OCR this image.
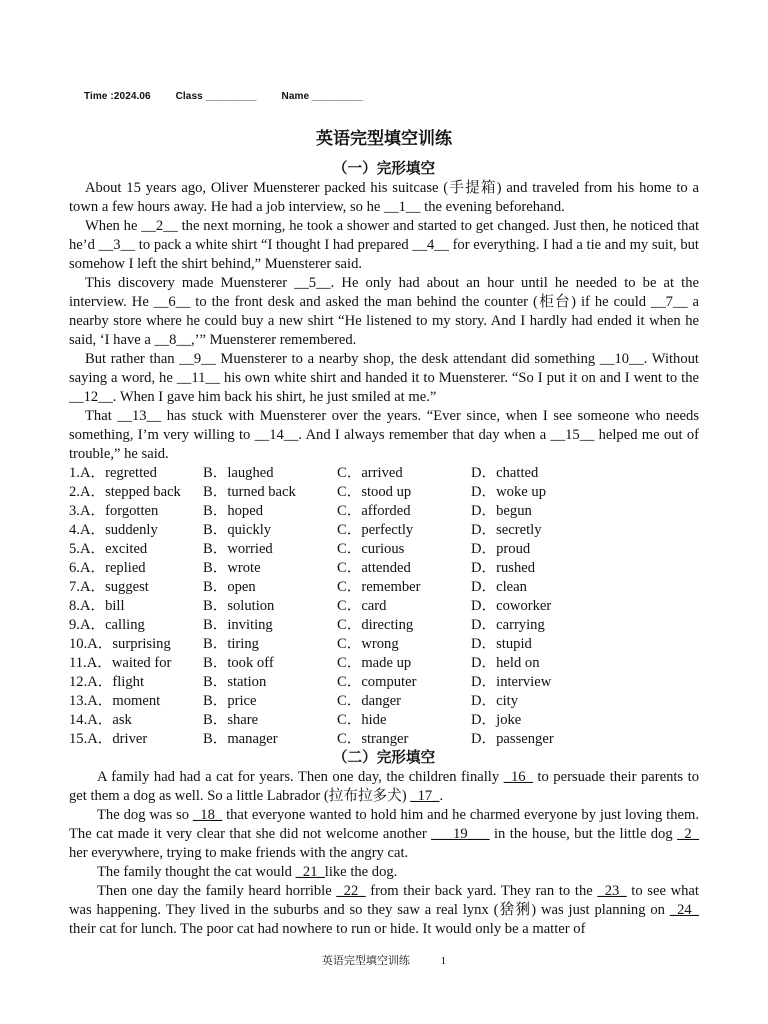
Time :2024.06 Class _________ Name _________
英语完型填空训练
（一）完形填空

About 15 years ago, Oliver Muensterer packed his suitcase (手提箱) and traveled from his home to a town a few hours away. He had a job interview, so he __1__ the evening beforehand.

When he __2__ the next morning, he took a shower and started to get changed. Just then, he noticed that he’d __3__ to pack a white shirt “I thought I had prepared __4__ for everything. I had a tie and my suit, but somehow I left the shirt behind,” Muensterer said.

This discovery made Muensterer __5__. He only had about an hour until he needed to be at the interview. He __6__ to the front desk and asked the man behind the counter (柜台) if he could __7__ a nearby store where he could buy a new shirt “He listened to my story. And I hardly had ended it when he said, ‘I have a __8__,’” Muensterer remembered.

But rather than __9__ Muensterer to a nearby shop, the desk attendant did something __10__. Without saying a word, he __11__ his own white shirt and handed it to Muensterer. “So I put it on and I went to the __12__. When I gave him back his shirt, he just smiled at me.”

That __13__ has stuck with Muensterer over the years. “Ever since, when I see someone who needs something, I’m very willing to __14__. And I always remember that day when a __15__ helped me out of trouble,” he said.

1.A．regretted	B．laughed	C．arrived	D．chatted
2.A．stepped back	B．turned back	C．stood up	D．woke up
3.A．forgotten	B．hoped	C．afforded	D．begun
4.A．suddenly	B．quickly	C．perfectly	D．secretly
5.A．excited	B．worried	C．curious	D．proud
6.A．replied	B．wrote	C．attended	D．rushed
7.A．suggest	B．open	C．remember	D．clean
8.A．bill	B．solution	C．card	D．coworker
9.A．calling	B．inviting	C．directing	D．carrying
10.A．surprising	B．tiring	C．wrong	D．stupid
11.A．waited for	B．took off	C．made up	D．held on
12.A．flight	B．station	C．computer	D．interview
13.A．moment	B．price	C．danger	D．city
14.A．ask	B．share	C．hide	D．joke
15.A．driver	B．manager	C．stranger	D．passenger
（二）完形填空

A family had had a cat for years. Then one day, the children finally _16_ to persuade their parents to get them a dog as well. So a little Labrador (拉布拉多犬) _17_.

The dog was so _18_ that everyone wanted to hold him and he charmed everyone by just loving them. The cat made it very clear that she did not welcome another ___19___ in the house, but the little dog _2_ her everywhere, trying to make friends with the angry cat.

The family thought the cat would _21_like the dog.

Then one day the family heard horrible _22_ from their back yard. They ran to the _23_ to see what was happening. They lived in the suburbs and so they saw a real lynx (猞猁) was just planning on _24_ their cat for lunch. The poor cat had nowhere to run or hide. It would only be a matter of

英语完型填空训练	1
